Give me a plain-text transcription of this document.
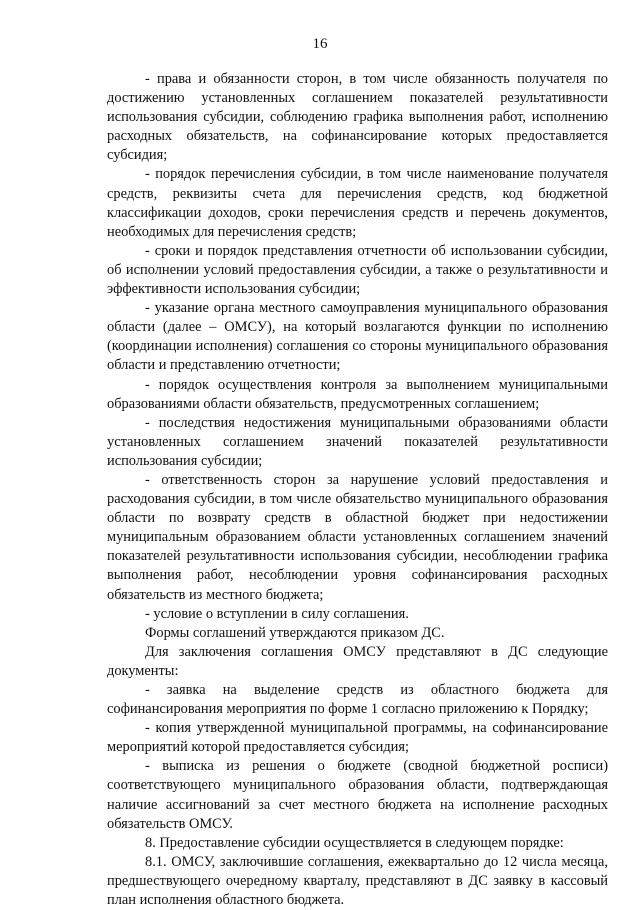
16

- права и обязанности сторон, в том числе обязанность получателя по достижению установленных соглашением показателей результативности использования субсидии, соблюдению графика выполнения работ, исполнению расходных обязательств, на софинансирование которых предоставляется субсидия;

- порядок перечисления субсидии, в том числе наименование получателя средств, реквизиты счета для перечисления средств, код бюджетной классификации доходов, сроки перечисления средств и перечень документов, необходимых для перечисления средств;

- сроки и порядок представления отчетности об использовании субсидии, об исполнении условий предоставления субсидии, а также о результативности и эффективности использования субсидии;

- указание органа местного самоуправления муниципального образования области (далее – ОМСУ), на который возлагаются функции по исполнению (координации исполнения) соглашения со стороны муниципального образования области и представлению отчетности;

- порядок осуществления контроля за выполнением муниципальными образованиями области обязательств, предусмотренных соглашением;

- последствия недостижения муниципальными образованиями области установленных соглашением значений показателей результативности использования субсидии;

- ответственность сторон за нарушение условий предоставления и расходования субсидии, в том числе обязательство муниципального образования области по возврату средств в областной бюджет при недостижении муниципальным образованием области установленных соглашением значений показателей результативности использования субсидии, несоблюдении графика выполнения работ, несоблюдении уровня софинансирования расходных обязательств из местного бюджета;

- условие о вступлении в силу соглашения.

Формы соглашений утверждаются приказом ДС.

Для заключения соглашения ОМСУ представляют в ДС следующие документы:

- заявка на выделение средств из областного бюджета для софинансирования мероприятия по форме 1 согласно приложению к Порядку;

- копия утвержденной муниципальной программы, на софинансирование мероприятий которой предоставляется субсидия;

- выписка из решения о бюджете (сводной бюджетной росписи) соответствующего муниципального образования области, подтверждающая наличие ассигнований за счет местного бюджета на исполнение расходных обязательств ОМСУ.

8. Предоставление субсидии осуществляется в следующем порядке:

8.1. ОМСУ, заключившие соглашения, ежеквартально до 12 числа месяца, предшествующего очередному кварталу, представляют в ДС заявку в кассовый план исполнения областного бюджета.
